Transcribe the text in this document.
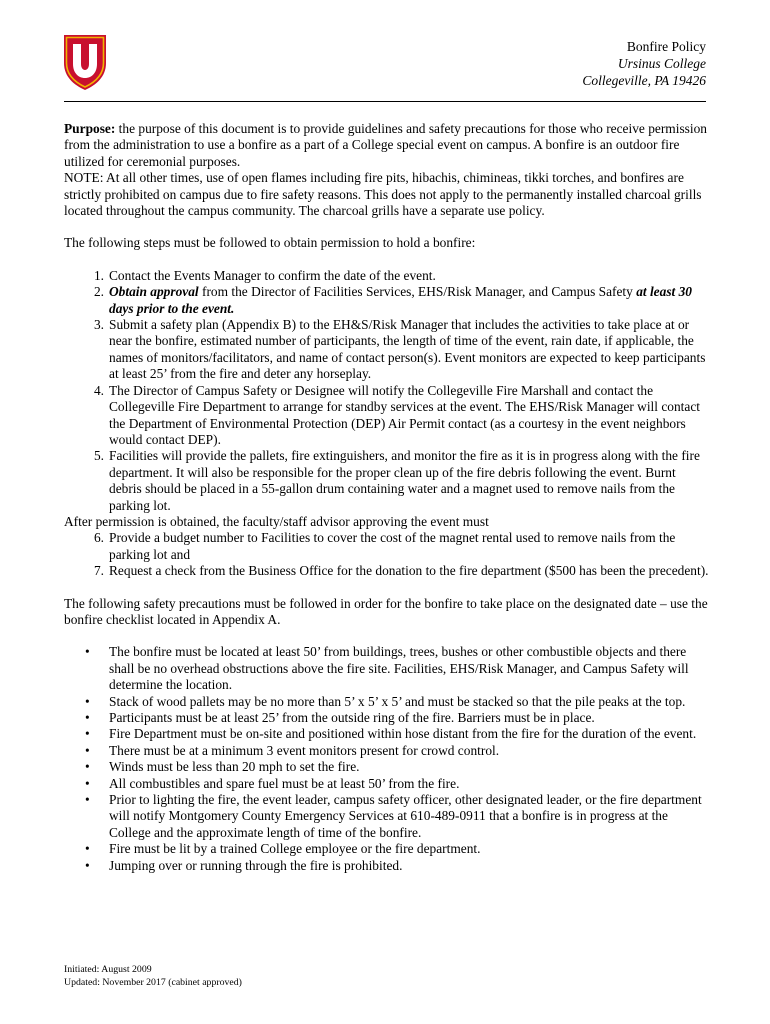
Bonfire Policy
Ursinus College
Collegeville, PA 19426

Purpose: the purpose of this document is to provide guidelines and safety precautions for those who receive permission from the administration to use a bonfire as a part of a College special event on campus. A bonfire is an outdoor fire utilized for ceremonial purposes.

NOTE: At all other times, use of open flames including fire pits, hibachis, chimineas, tikki torches, and bonfires are strictly prohibited on campus due to fire safety reasons. This does not apply to the permanently installed charcoal grills located throughout the campus community. The charcoal grills have a separate use policy.

The following steps must be followed to obtain permission to hold a bonfire:

1. Contact the Events Manager to confirm the date of the event.
2. Obtain approval from the Director of Facilities Services, EHS/Risk Manager, and Campus Safety at least 30 days prior to the event.
3. Submit a safety plan (Appendix B) to the EH&S/Risk Manager that includes the activities to take place at or near the bonfire, estimated number of participants, the length of time of the event, rain date, if applicable, the names of monitors/facilitators, and name of contact person(s). Event monitors are expected to keep participants at least 25’ from the fire and deter any horseplay.
4. The Director of Campus Safety or Designee will notify the Collegeville Fire Marshall and contact the Collegeville Fire Department to arrange for standby services at the event. The EHS/Risk Manager will contact the Department of Environmental Protection (DEP) Air Permit contact (as a courtesy in the event neighbors would contact DEP).
5. Facilities will provide the pallets, fire extinguishers, and monitor the fire as it is in progress along with the fire department. It will also be responsible for the proper clean up of the fire debris following the event. Burnt debris should be placed in a 55-gallon drum containing water and a magnet used to remove nails from the parking lot.

After permission is obtained, the faculty/staff advisor approving the event must

6. Provide a budget number to Facilities to cover the cost of the magnet rental used to remove nails from the parking lot and
7. Request a check from the Business Office for the donation to the fire department ($500 has been the precedent).

The following safety precautions must be followed in order for the bonfire to take place on the designated date – use the bonfire checklist located in Appendix A.

• The bonfire must be located at least 50’ from buildings, trees, bushes or other combustible objects and there shall be no overhead obstructions above the fire site. Facilities, EHS/Risk Manager, and Campus Safety will determine the location.
• Stack of wood pallets may be no more than 5’ x 5’ x 5’ and must be stacked so that the pile peaks at the top.
• Participants must be at least 25’ from the outside ring of the fire. Barriers must be in place.
• Fire Department must be on-site and positioned within hose distant from the fire for the duration of the event.
• There must be at a minimum 3 event monitors present for crowd control.
• Winds must be less than 20 mph to set the fire.
• All combustibles and spare fuel must be at least 50’ from the fire.
• Prior to lighting the fire, the event leader, campus safety officer, other designated leader, or the fire department will notify Montgomery County Emergency Services at 610-489-0911 that a bonfire is in progress at the College and the approximate length of time of the bonfire.
• Fire must be lit by a trained College employee or the fire department.
• Jumping over or running through the fire is prohibited.
Initiated: August 2009
Updated: November 2017 (cabinet approved)
